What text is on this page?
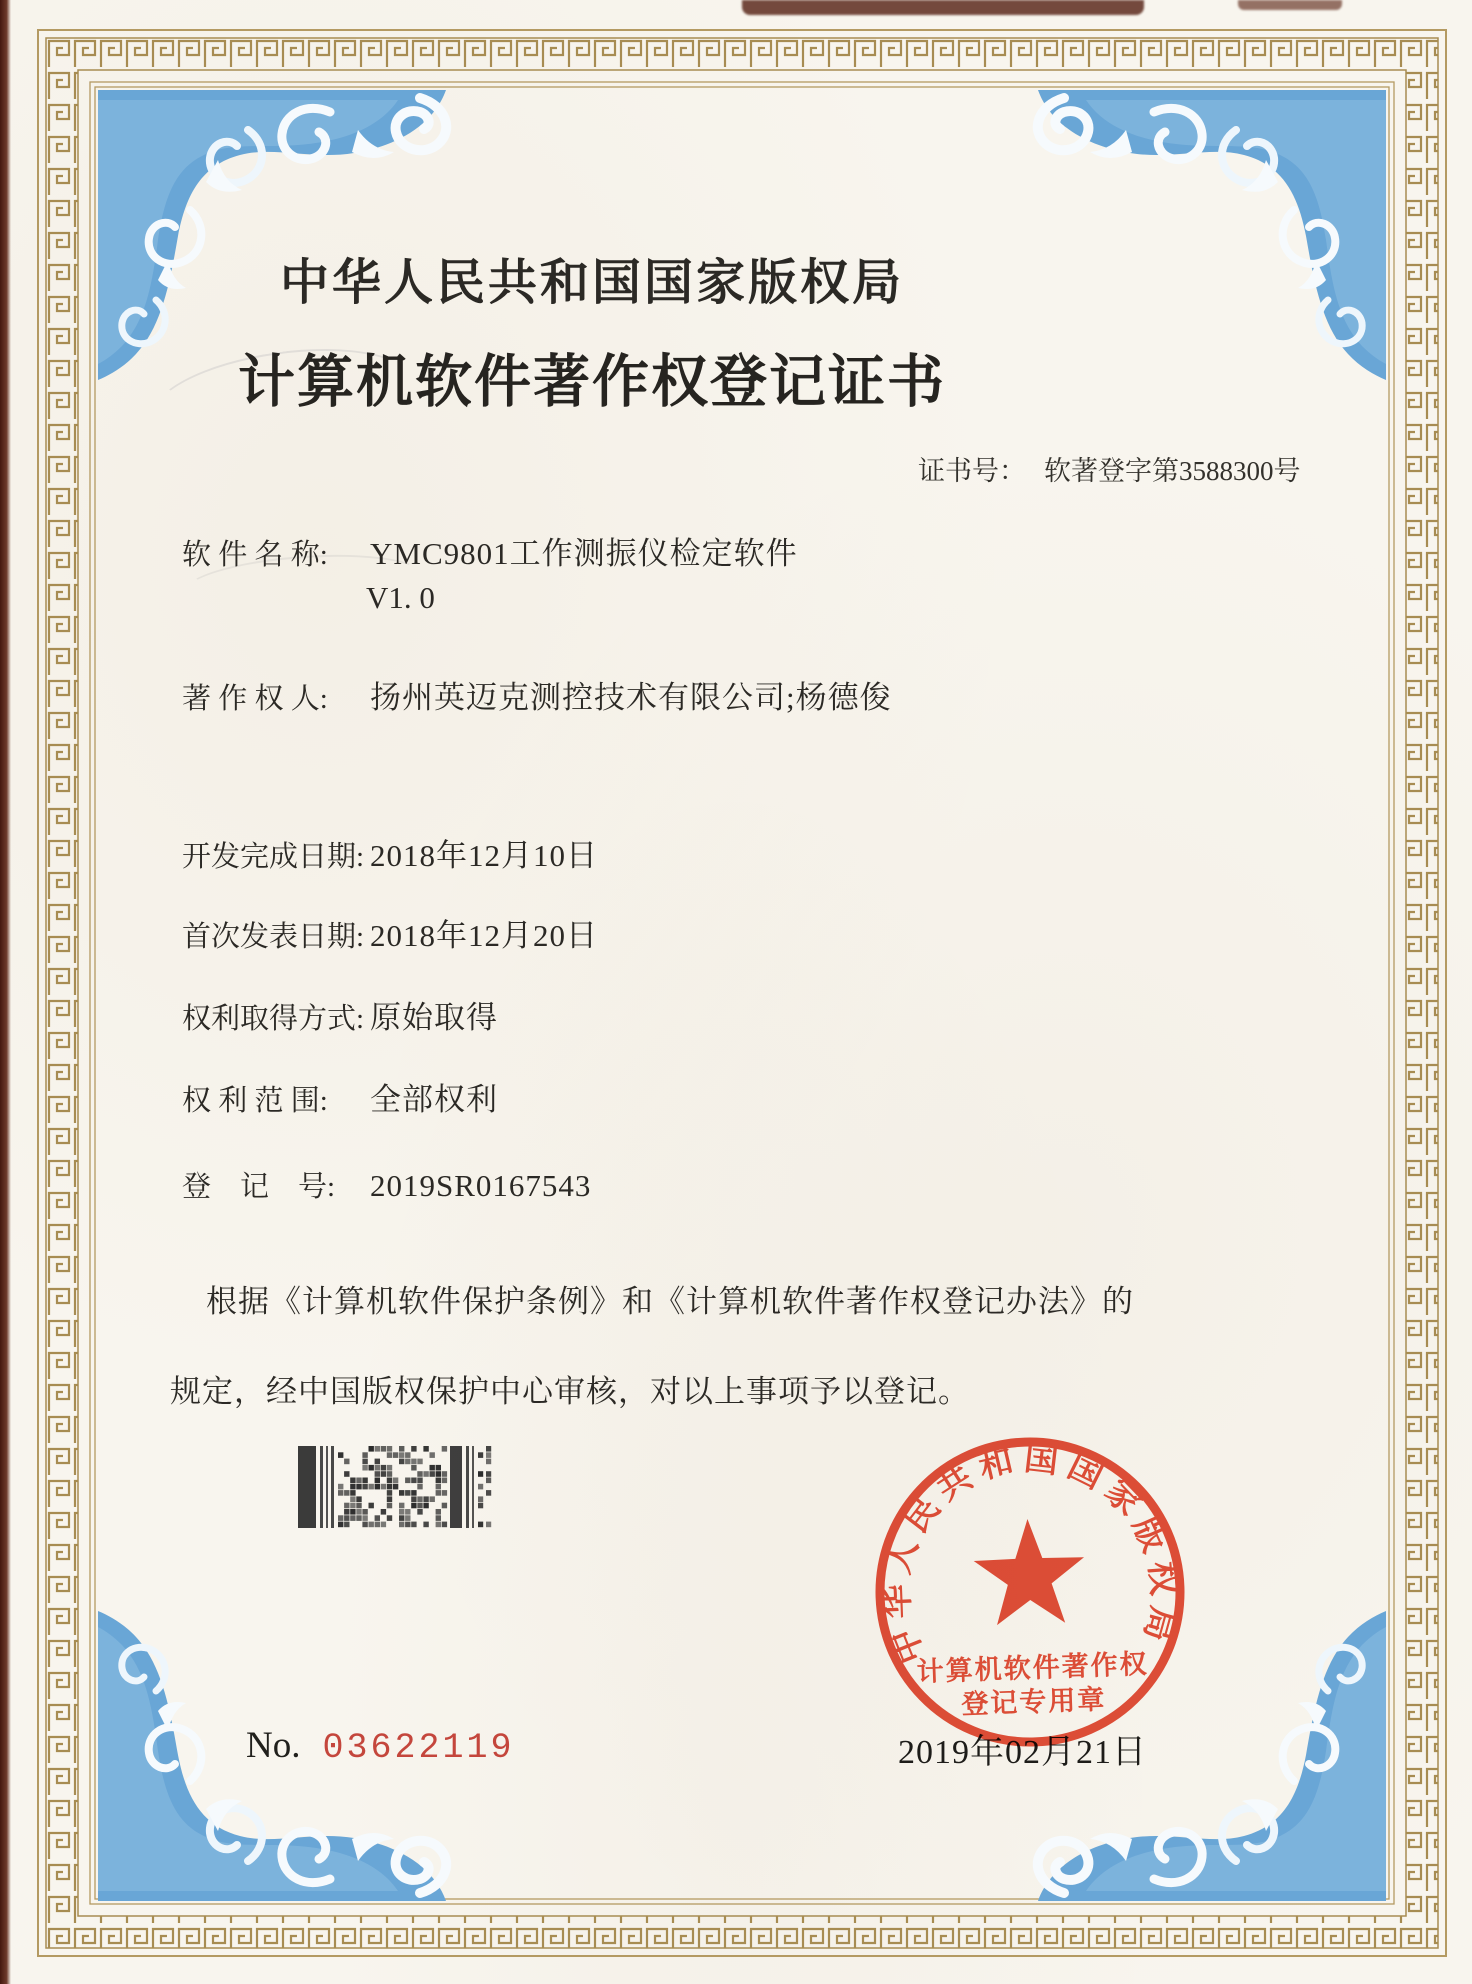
中华人民共和国国家版权局
计算机软件著作权登记证书
证书号： 软著登字第3588300号
软 件 名 称:	YMC9801工作测振仪检定软件
V1. 0
著 作 权 人:	扬州英迈克测控技术有限公司;杨德俊
开发完成日期: 2018年12月10日
首次发表日期: 2018年12月20日
权利取得方式: 原始取得
权 利 范 围:	全部权利
登    记    号:	2019SR0167543
根据《计算机软件保护条例》和《计算机软件著作权登记办法》的
规定，经中国版权保护中心审核，对以上事项予以登记。
2019年02月21日
中华人民共和国国家版权局
计算机软件著作权
登记专用章
No. 03622119
